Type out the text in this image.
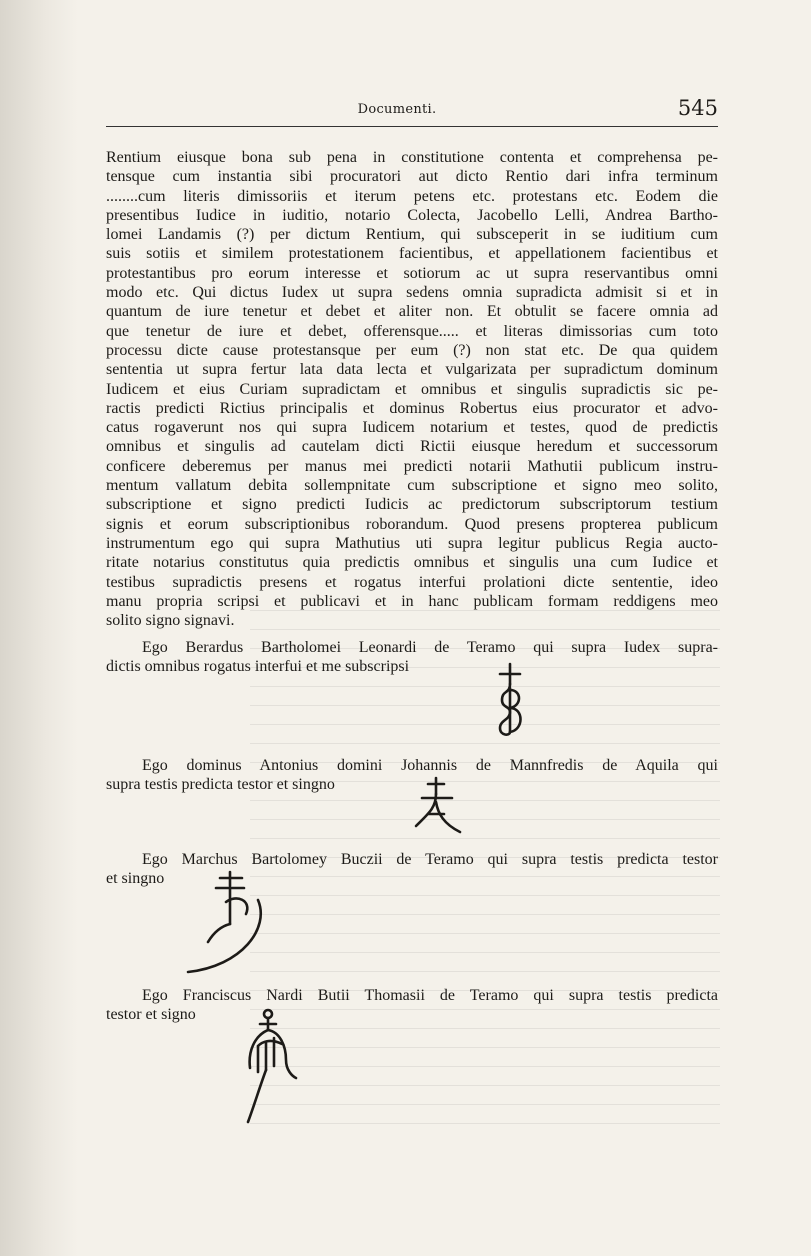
Documenti.	545
Rentium eiusque bona sub pena in constitutione contenta et comprehensa pe-
tensque cum instantia sibi procuratori aut dicto Rentio dari infra terminum
........cum literis dimissoriis et iterum petens etc. protestans etc. Eodem die
presentibus Iudice in iuditio, notario Colecta, Jacobello Lelli, Andrea Bartho-
lomei Landamis (?) per dictum Rentium, qui subsceperit in se iuditium cum
suis sotiis et similem protestationem facientibus, et appellationem facientibus et
protestantibus pro eorum interesse et sotiorum ac ut supra reservantibus omni
modo etc. Qui dictus Iudex ut supra sedens omnia supradicta admisit si et in
quantum de iure tenetur et debet et aliter non. Et obtulit se facere omnia ad
que tenetur de iure et debet, offerensque..... et literas dimissorias cum toto
processu dicte cause protestansque per eum (?) non stat etc. De qua quidem
sententia ut supra fertur lata data lecta et vulgarizata per supradictum dominum
Iudicem et eius Curiam supradictam et omnibus et singulis supradictis sic pe-
ractis predicti Rictius principalis et dominus Robertus eius procurator et advo-
catus rogaverunt nos qui supra Iudicem notarium et testes, quod de predictis
omnibus et singulis ad cautelam dicti Rictii eiusque heredum et successorum
conficere deberemus per manus mei predicti notarii Mathutii publicum instru-
mentum vallatum debita sollempnitate cum subscriptione et signo meo solito,
subscriptione et signo predicti Iudicis ac predictorum subscriptorum testium
signis et eorum subscriptionibus roborandum. Quod presens propterea publicum
instrumentum ego qui supra Mathutius uti supra legitur publicus Regia aucto-
ritate notarius constitutus quia predictis omnibus et singulis una cum Iudice et
testibus supradictis presens et rogatus interfui prolationi dicte sententie, ideo
manu propria scripsi et publicavi et in hanc publicam formam reddigens meo
solito signo signavi.

Ego Berardus Bartholomei Leonardi de Teramo qui supra Iudex supra-

dictis omnibus rogatus interfui et me subscripsi

Ego dominus Antonius domini Johannis de Mannfredis de Aquila qui

supra testis predicta testor et singno

Ego Marchus Bartolomey Buczii de Teramo qui supra testis predicta testor

et singno

Ego Franciscus Nardi Butii Thomasii de Teramo qui supra testis predicta

testor et signo
